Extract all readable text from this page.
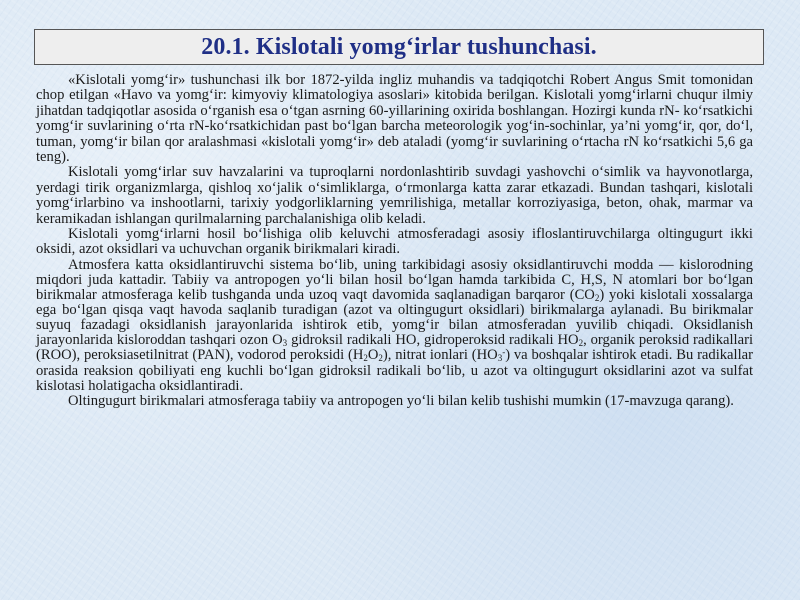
20.1. Kislotali yomg‘irlar tushunchasi.

«Kislotali yomg‘ir» tushunchasi ilk bor 1872-yilda ingliz muhandis va tadqiqotchi Robert Angus Smit tomonidan chop etilgan «Havo va yomg‘ir: kimyoviy klimatologiya asoslari» kitobida berilgan. Kislotali yomg‘irlarni chuqur ilmiy jihatdan tadqiqotlar asosida o‘rganish esa o‘tgan asrning 60-yillarining oxirida boshlangan. Hozirgi kunda rN- ko‘rsatkichi yomg‘ir suvlarining o‘rta rN-ko‘rsatkichidan past bo‘lgan barcha meteorologik yog‘in-sochinlar, ya’ni yomg‘ir, qor, do‘l, tuman, yomg‘ir bilan qor aralashmasi «kislotali yomg‘ir» deb ataladi (yomg‘ir suvlarining o‘rtacha rN ko‘rsatkichi 5,6 ga teng).

Kislotali yomg‘irlar suv havzalarini va tuproqlarni nordonlashtirib suvdagi yashovchi o‘simlik va hayvonotlarga, yerdagi tirik organizmlarga, qishloq xo‘jalik o‘simliklarga, o‘rmonlarga katta zarar etkazadi. Bundan tashqari, kislotali yomg‘irlarbino va inshootlarni, tarixiy yodgorliklarning yemrilishiga, metallar korroziyasiga, beton, ohak, marmar va keramikadan ishlangan qurilmalarning parchalanishiga olib keladi.

Kislotali yomg‘irlarni hosil bo‘lishiga olib keluvchi atmosferadagi asosiy ifloslantiruvchilarga oltingugurt ikki oksidi, azot oksidlari va uchuvchan organik birikmalari kiradi.

Atmosfera katta oksidlantiruvchi sistema bo‘lib, uning tarkibidagi asosiy oksidlantiruvchi modda — kislorodning miqdori juda kattadir. Tabiiy va antropogen yo‘li bilan hosil bo‘lgan hamda tarkibida C, H,S, N atomlari bor bo‘lgan birikmalar atmosferaga kelib tushganda unda uzoq vaqt davomida saqlanadigan barqaror $(CO_2)$ yoki kislotali xossalarga ega bo‘lgan qisqa vaqt havoda saqlanib turadigan (azot va oltingugurt oksidlari) birikmalarga aylanadi. Bu birikmalar suyuq fazadagi oksidlanish jarayonlarida ishtirok etib, yomg‘ir bilan atmosferadan yuvilib chiqadi. Oksidlanish jarayonlarida kisloroddan tashqari ozon $O_3$ gidroksil radikali HO, gidroperoksid radikali $HO_2$, organik peroksid radikallari (ROO), peroksiasetilnitrat (PAN), vodorod peroksidi $(H_2O_2)$, nitrat ionlari $(HO_3^-)$ va boshqalar ishtirok etadi. Bu radikallar orasida reaksion qobiliyati eng kuchli bo‘lgan gidroksil radikali bo‘lib, u azot va oltingugurt oksidlarini azot va sulfat kislotasi holatigacha oksidlantiradi.

Oltingugurt birikmalari atmosferaga tabiiy va antropogen yo‘li bilan kelib tushishi mumkin (17-mavzuga qarang).
